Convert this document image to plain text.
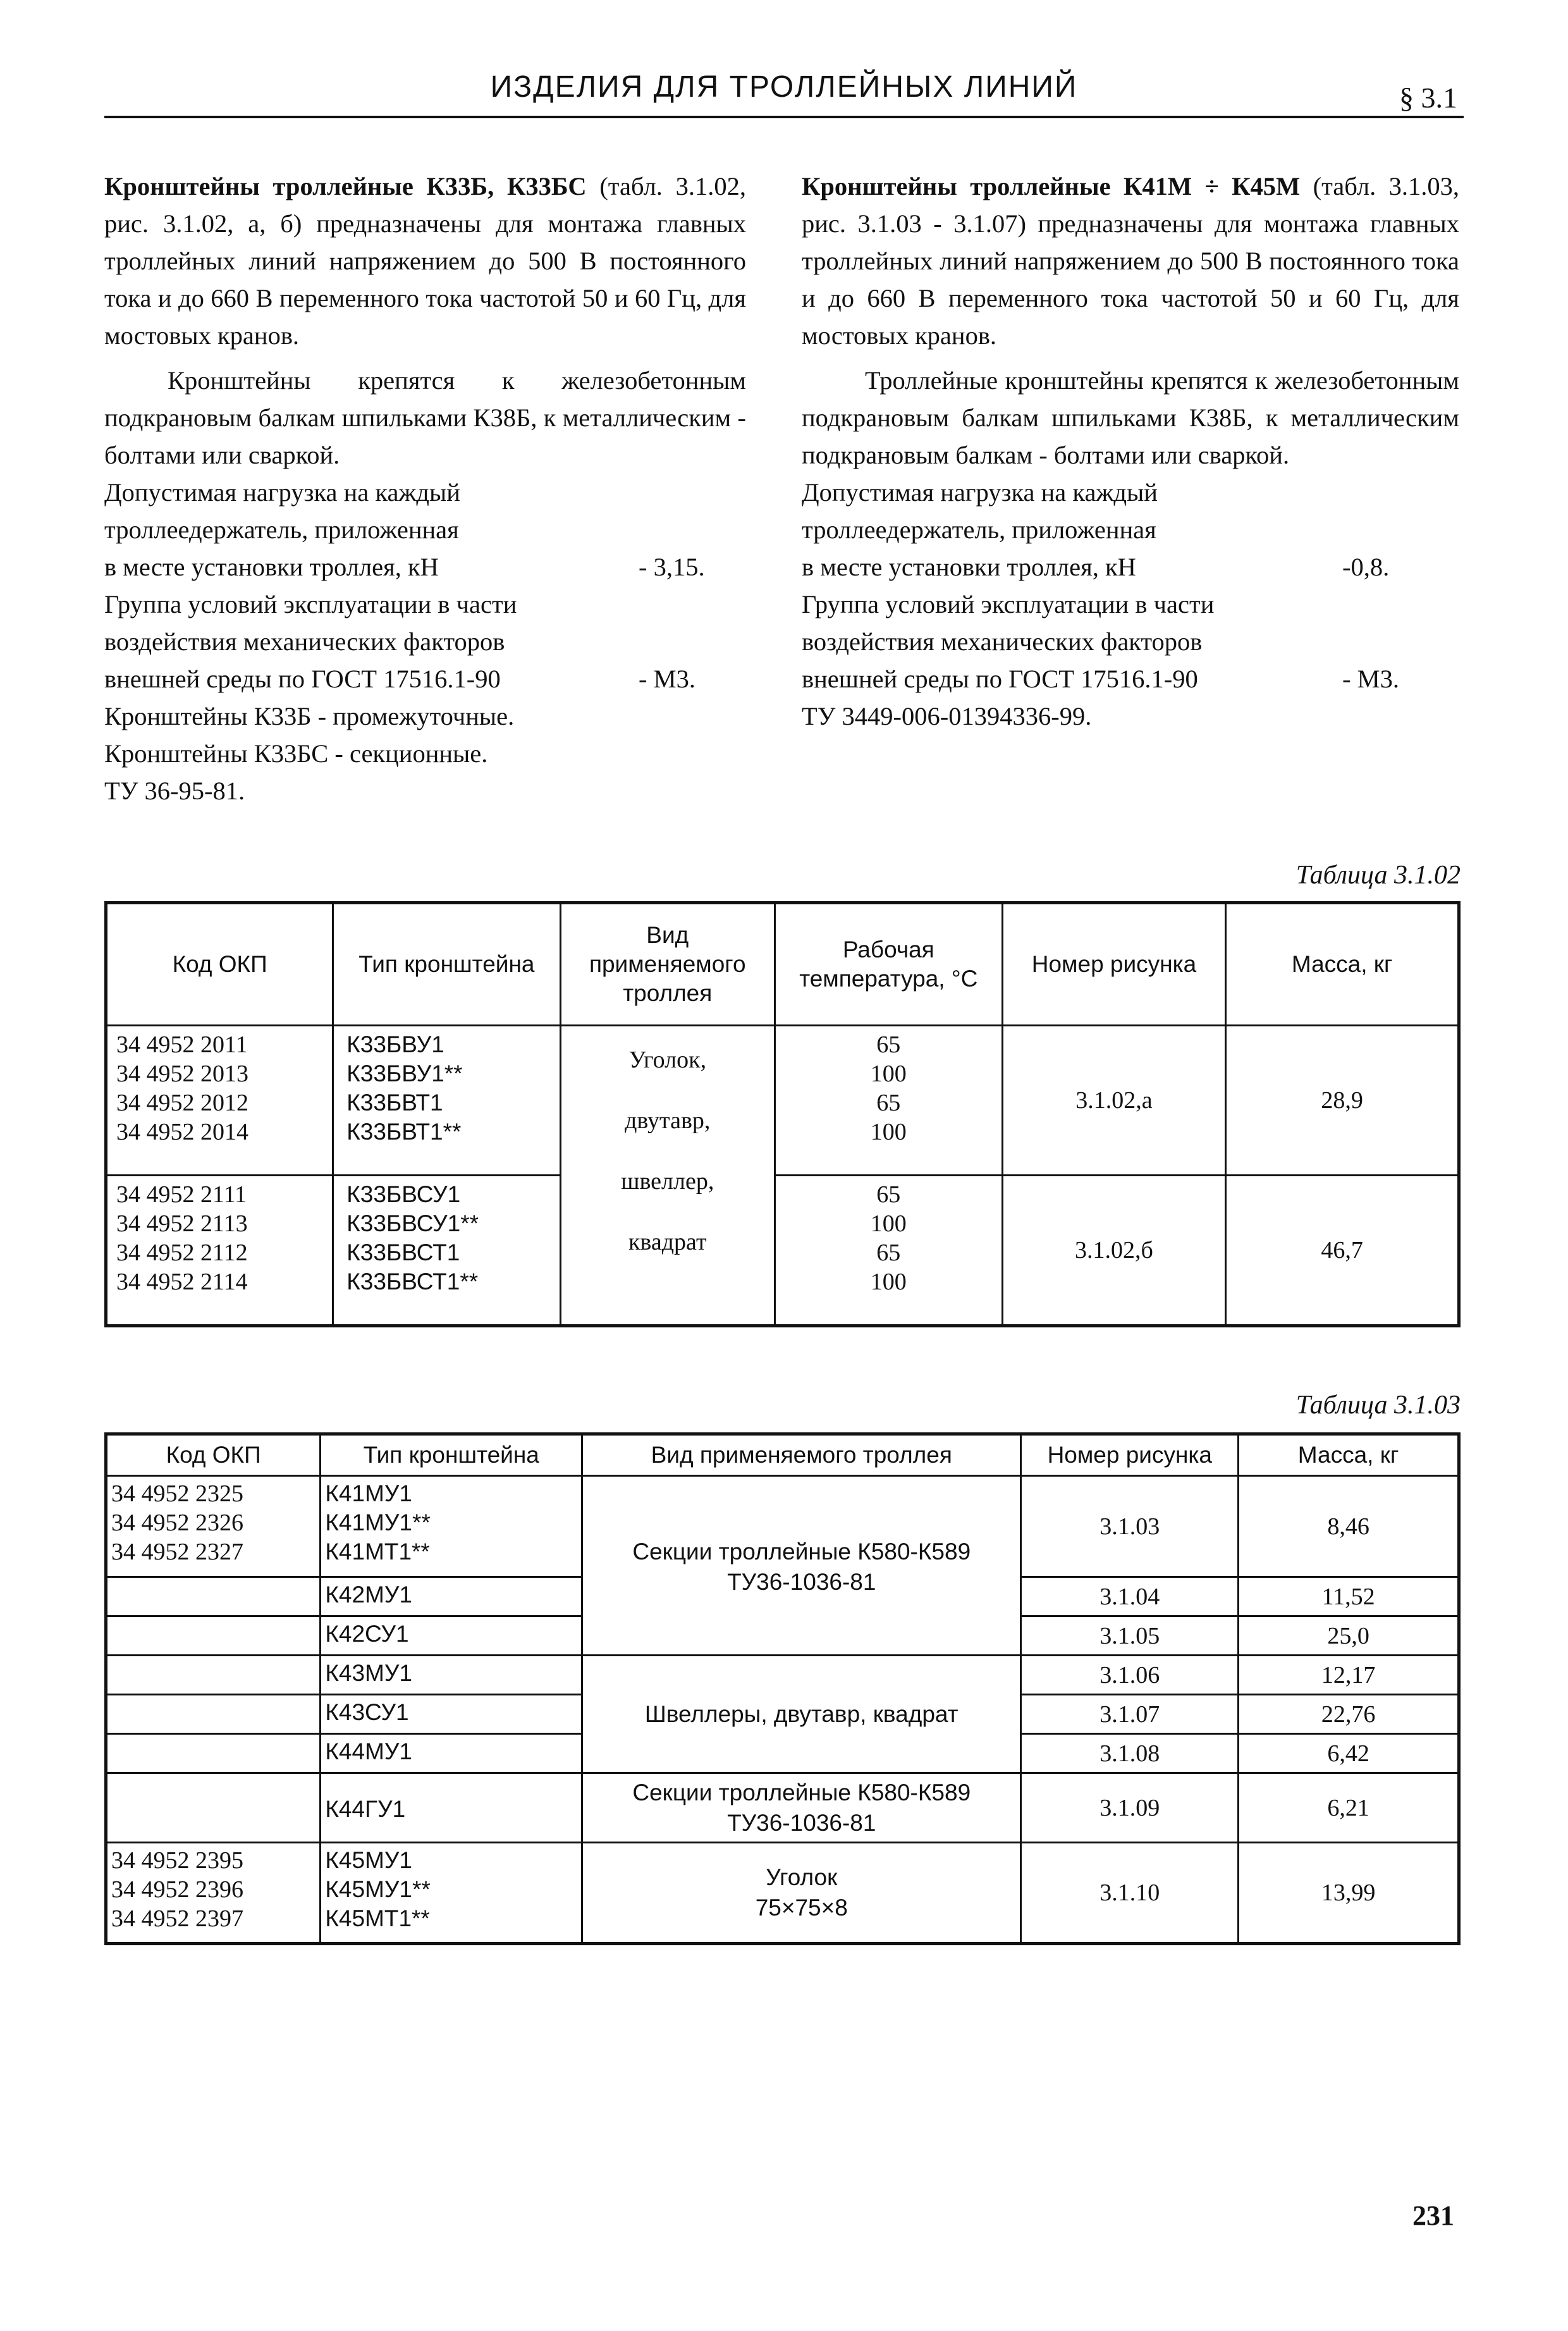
ИЗДЕЛИЯ ДЛЯ ТРОЛЛЕЙНЫХ ЛИНИЙ	§ 3.1

Кронштейны троллейные К33Б, К33БС (табл. 3.1.02, рис. 3.1.02, а, б) предназначены для монтажа главных троллейных линий напряжением до 500 В постоянного тока и до 660 В переменного тока частотой 50 и 60 Гц, для мостовых кранов.

Кронштейны крепятся к железобетонным подкрановым балкам шпильками К38Б, к металлическим - болтами или сваркой.

Допустимая нагрузка на каждый

троллеедержатель, приложенная

в месте установки троллея, кН	- 3,15.

Группа условий эксплуатации в части

воздействия механических факторов

внешней среды по ГОСТ 17516.1-90	- М3.

Кронштейны К33Б - промежуточные.

Кронштейны К33БС - секционные.

ТУ 36-95-81.

Кронштейны троллейные К41М ÷ К45М (табл. 3.1.03, рис. 3.1.03 - 3.1.07) предназначены для монтажа главных троллейных линий напряжением до 500 В постоянного тока и до 660 В переменного тока частотой 50 и 60 Гц, для мостовых кранов.

Троллейные кронштейны крепятся к железобетонным подкрановым балкам шпильками К38Б, к металлическим подкрановым балкам - болтами или сваркой.

Допустимая нагрузка на каждый

троллеедержатель, приложенная

в месте установки троллея, кН	-0,8.

Группа условий эксплуатации в части

воздействия механических факторов

внешней среды по ГОСТ 17516.1-90	- М3.

ТУ 3449-006-01394336-99.

Таблица 3.1.02
Код ОКП	Тип кронштейна	Вид
применяемого
троллея	Рабочая
температура, °С	Номер рисунка	Масса, кг

34 4952 2011
34 4952 2013
34 4952 2012
34 4952 2014	К33БВУ1
К33БВУ1**
К33БВТ1
К33БВТ1**	Уголок,
двутавр,
швеллер,
квадрат	65
100
65
100	3.1.02,а	28,9

34 4952 2111
34 4952 2113
34 4952 2112
34 4952 2114	К33БВСУ1
К33БВСУ1**
К33БВСТ1
К33БВСТ1**		65
100
65
100	3.1.02,б	46,7
Таблица 3.1.03
Код ОКП	Тип кронштейна	Вид применяемого троллея	Номер рисунка	Масса, кг

34 4952 2325
34 4952 2326
34 4952 2327	К41МУ1
К41МУ1**
К41МТ1**	Секции троллейные К580-К589
ТУ36-1036-81	3.1.03	8,46
	К42МУ1		3.1.04	11,52
	К42СУ1		3.1.05	25,0
	К43МУ1	Швеллеры, двутавр, квадрат	3.1.06	12,17
	К43СУ1		3.1.07	22,76
	К44МУ1		3.1.08	6,42
	К44ГУ1	Секции троллейные К580-К589
ТУ36-1036-81	3.1.09	6,21

34 4952 2395
34 4952 2396
34 4952 2397	К45МУ1
К45МУ1**
К45МТ1**	Уголок
75×75×8	3.1.10	13,99
231
